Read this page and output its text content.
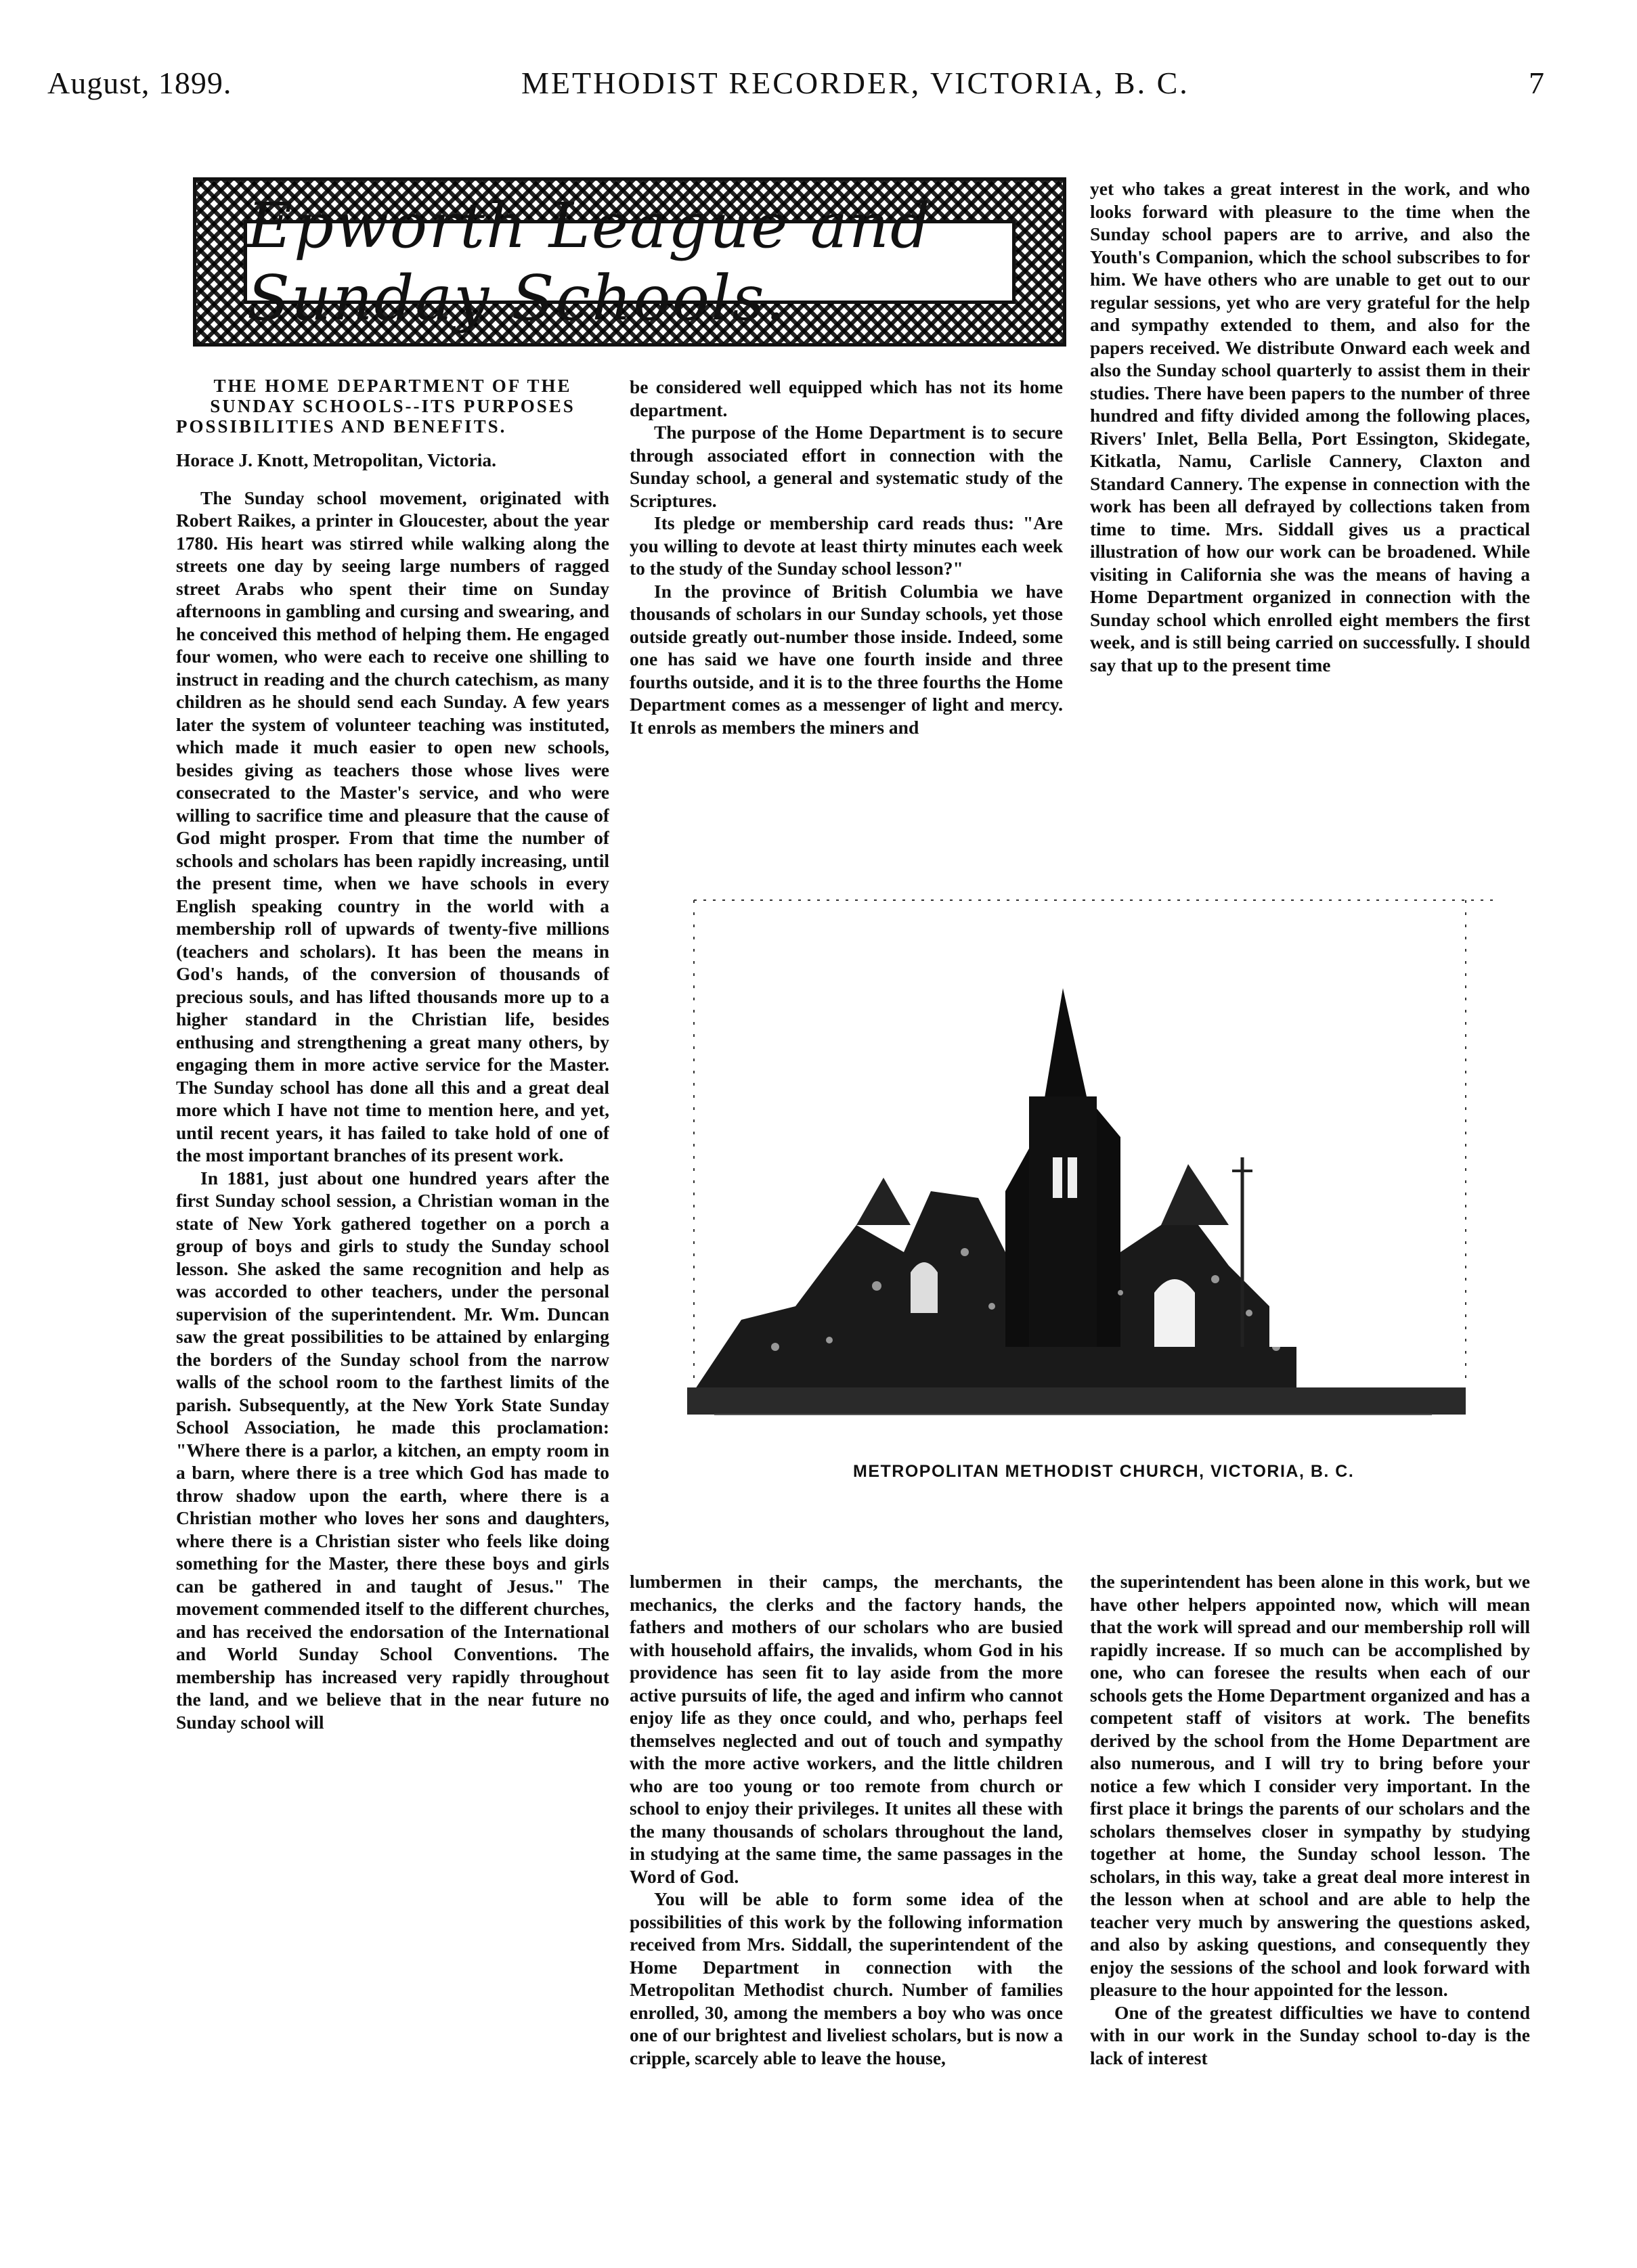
August, 1899.	METHODIST RECORDER, VICTORIA, B. C.	7
Epworth League and Sunday Schools.
THE HOME DEPARTMENT OF THE SUNDAY SCHOOLS--ITS PURPOSES POSSIBILITIES AND BENEFITS.
Horace J. Knott, Metropolitan, Victoria.

The Sunday school movement, originated with Robert Raikes, a printer in Gloucester, about the year 1780. His heart was stirred while walking along the streets one day by seeing large numbers of ragged street Arabs who spent their time on Sunday afternoons in gambling and cursing and swearing, and he conceived this method of helping them. He engaged four women, who were each to receive one shilling to instruct in reading and the church catechism, as many children as he should send each Sunday. A few years later the system of volunteer teaching was instituted, which made it much easier to open new schools, besides giving as teachers those whose lives were consecrated to the Master's service, and who were willing to sacrifice time and pleasure that the cause of God might prosper. From that time the number of schools and scholars has been rapidly increasing, until the present time, when we have schools in every English speaking country in the world with a membership roll of upwards of twenty-five millions (teachers and scholars). It has been the means in God's hands, of the conversion of thousands of precious souls, and has lifted thousands more up to a higher standard in the Christian life, besides enthusing and strengthening a great many others, by engaging them in more active service for the Master. The Sunday school has done all this and a great deal more which I have not time to mention here, and yet, until recent years, it has failed to take hold of one of the most important branches of its present work.

In 1881, just about one hundred years after the first Sunday school session, a Christian woman in the state of New York gathered together on a porch a group of boys and girls to study the Sunday school lesson. She asked the same recognition and help as was accorded to other teachers, under the personal supervision of the superintendent. Mr. Wm. Duncan saw the great possibilities to be attained by enlarging the borders of the Sunday school from the narrow walls of the school room to the farthest limits of the parish. Subsequently, at the New York State Sunday School Association, he made this proclamation: "Where there is a parlor, a kitchen, an empty room in a barn, where there is a tree which God has made to throw shadow upon the earth, where there is a Christian mother who loves her sons and daughters, where there is a Christian sister who feels like doing something for the Master, there these boys and girls can be gathered in and taught of Jesus." The movement commended itself to the different churches, and has received the endorsation of the International and World Sunday School Conventions. The membership has increased very rapidly throughout the land, and we believe that in the near future no Sunday school will

be considered well equipped which has not its home department.

The purpose of the Home Department is to secure through associated effort in connection with the Sunday school, a general and systematic study of the Scriptures.

Its pledge or membership card reads thus: "Are you willing to devote at least thirty minutes each week to the study of the Sunday school lesson?"

In the province of British Columbia we have thousands of scholars in our Sunday schools, yet those outside greatly out-number those inside. Indeed, some one has said we have one fourth inside and three fourths outside, and it is to the three fourths the Home Department comes as a messenger of light and mercy. It enrols as members the miners and

yet who takes a great interest in the work, and who looks forward with pleasure to the time when the Sunday school papers are to arrive, and also the Youth's Companion, which the school subscribes to for him. We have others who are unable to get out to our regular sessions, yet who are very grateful for the help and sympathy extended to them, and also for the papers received. We distribute Onward each week and also the Sunday school quarterly to assist them in their studies. There have been papers to the number of three hundred and fifty divided among the following places, Rivers' Inlet, Bella Bella, Port Essington, Skidegate, Kitkatla, Namu, Carlisle Cannery, Claxton and Standard Cannery. The expense in connection with the work has been all defrayed by collections taken from time to time. Mrs. Siddall gives us a practical illustration of how our work can be broadened. While visiting in California she was the means of having a Home Department organized in connection with the Sunday school which enrolled eight members the first week, and is still being carried on successfully. I should say that up to the present time

METROPOLITAN METHODIST CHURCH, VICTORIA, B. C.

lumbermen in their camps, the merchants, the mechanics, the clerks and the factory hands, the fathers and mothers of our scholars who are busied with household affairs, the invalids, whom God in his providence has seen fit to lay aside from the more active pursuits of life, the aged and infirm who cannot enjoy life as they once could, and who, perhaps feel themselves neglected and out of touch and sympathy with the more active workers, and the little children who are too young or too remote from church or school to enjoy their privileges. It unites all these with the many thousands of scholars throughout the land, in studying at the same time, the same passages in the Word of God.

You will be able to form some idea of the possibilities of this work by the following information received from Mrs. Siddall, the superintendent of the Home Department in connection with the Metropolitan Methodist church. Number of families enrolled, 30, among the members a boy who was once one of our brightest and liveliest scholars, but is now a cripple, scarcely able to leave the house,

the superintendent has been alone in this work, but we have other helpers appointed now, which will mean that the work will spread and our membership roll will rapidly increase. If so much can be accomplished by one, who can foresee the results when each of our schools gets the Home Department organized and has a competent staff of visitors at work. The benefits derived by the school from the Home Department are also numerous, and I will try to bring before your notice a few which I consider very important. In the first place it brings the parents of our scholars and the scholars themselves closer in sympathy by studying together at home, the Sunday school lesson. The scholars, in this way, take a great deal more interest in the lesson when at school and are able to help the teacher very much by answering the questions asked, and also by asking questions, and consequently they enjoy the sessions of the school and look forward with pleasure to the hour appointed for the lesson.

One of the greatest difficulties we have to contend with in our work in the Sunday school to-day is the lack of interest
